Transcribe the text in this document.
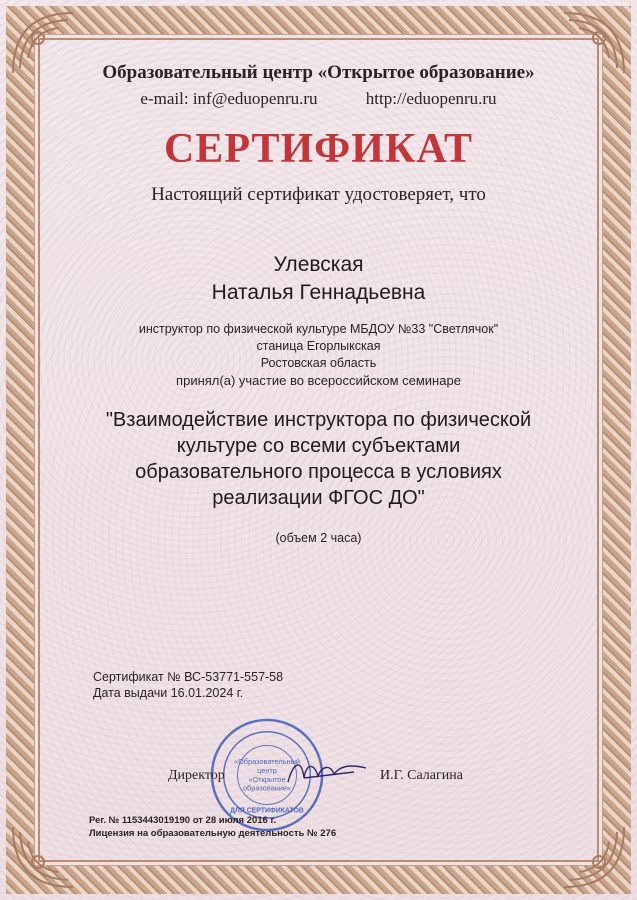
Образовательный центр «Открытое образование»
e-mail: inf@eduopenru.ru	http://eduopenru.ru
СЕРТИФИКАТ
Настоящий сертификат удостоверяет, что
Улевская
Наталья Геннадьевна
инструктор по физической культуре МБДОУ №33 "Светлячок"
станица Егорлыкская
Ростовская область
принял(а) участие во всероссийском семинаре
"Взаимодействие инструктора по физической культуре со всеми субъектами образовательного процесса в условиях реализации ФГОС ДО"
(объем 2 часа)
Сертификат № ВС-53771-557-58
Дата выдачи 16.01.2024 г.
«Образовательный
центр
«Открытое
образование»
ДЛЯ СЕРТИФИКАТОВ
Директор	И.Г. Салагина
Рег. № 1153443019190 от 28 июля 2016 г.
Лицензия на образовательную деятельность № 276
